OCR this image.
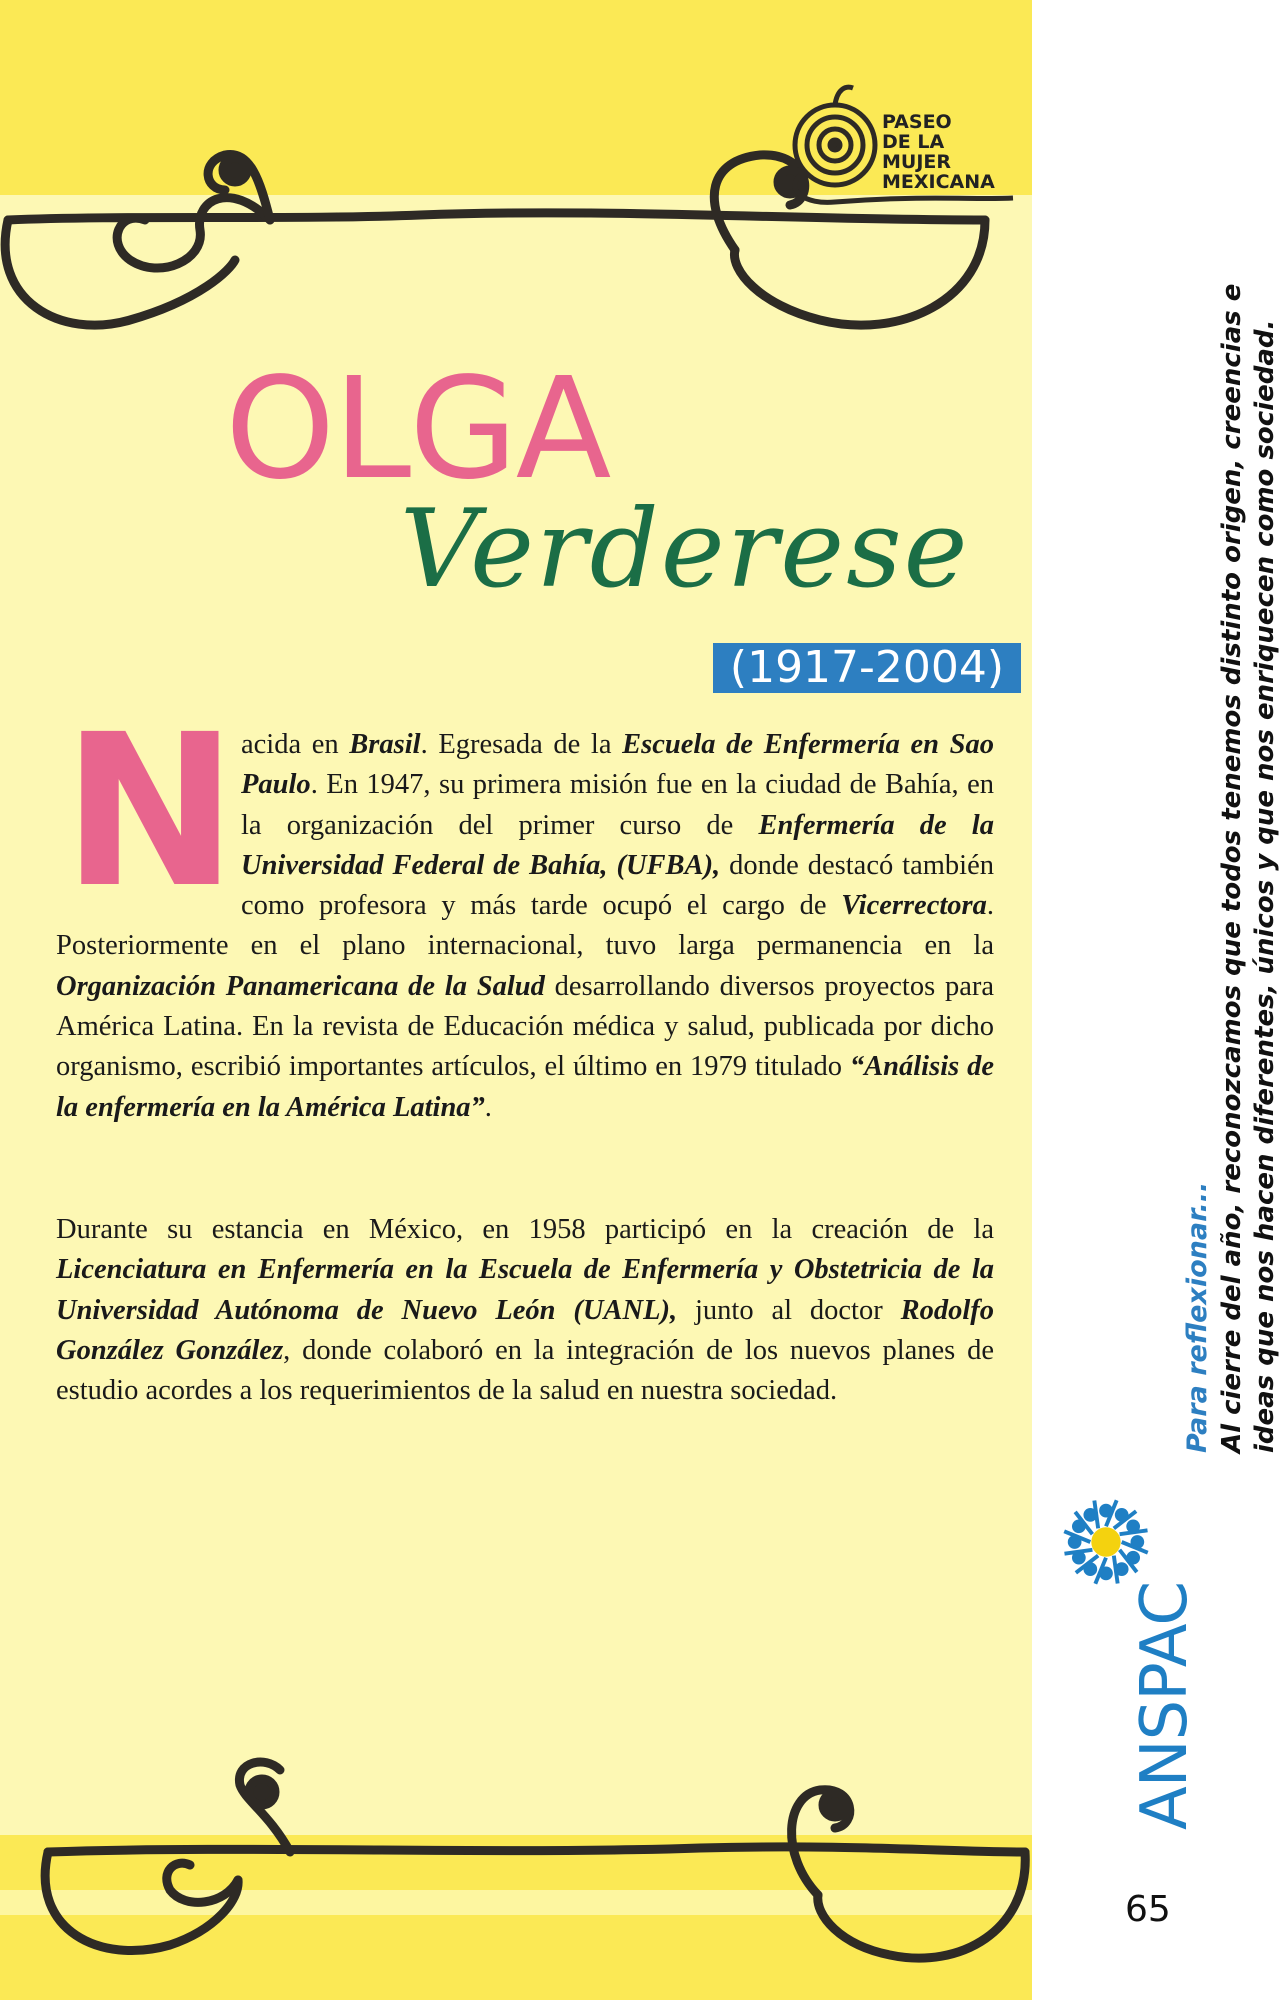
PASEO
DE LA
MUJER
MEXICANA
OLGA
Verderese
(1917-2004)
N acida en Brasil. Egresada de la Escuela de Enfermería en Sao Paulo. En 1947, su primera misión fue en la ciudad de Bahía, en la organización del primer curso de Enfermería de la Universidad Federal de Bahía, (UFBA), donde destacó también como profesora y más tarde ocupó el cargo de Vicerrectora. Posteriormente en el plano internacional, tuvo larga permanencia en la Organización Panamericana de la Salud desarrollando diversos proyectos para América Latina. En la revista de Educación médica y salud, publicada por dicho organismo, escribió importantes artículos, el último en 1979 titulado “Análisis de la enfermería en la América Latina”.

Durante su estancia en México, en 1958 participó en la creación de la Licenciatura en Enfermería en la Escuela de Enfermería y Obstetricia de la Universidad Autónoma de Nuevo León (UANL), junto al doctor Rodolfo González González, donde colaboró en la integración de los nuevos planes de estudio acordes a los requerimientos de la salud en nuestra sociedad.	Para reflexionar... Al cierre del año, reconozcamos que todos tenemos distinto origen, creencias e ideas que nos hacen diferentes, únicos y que nos enriquecen como sociedad.
ANSPAC
65
